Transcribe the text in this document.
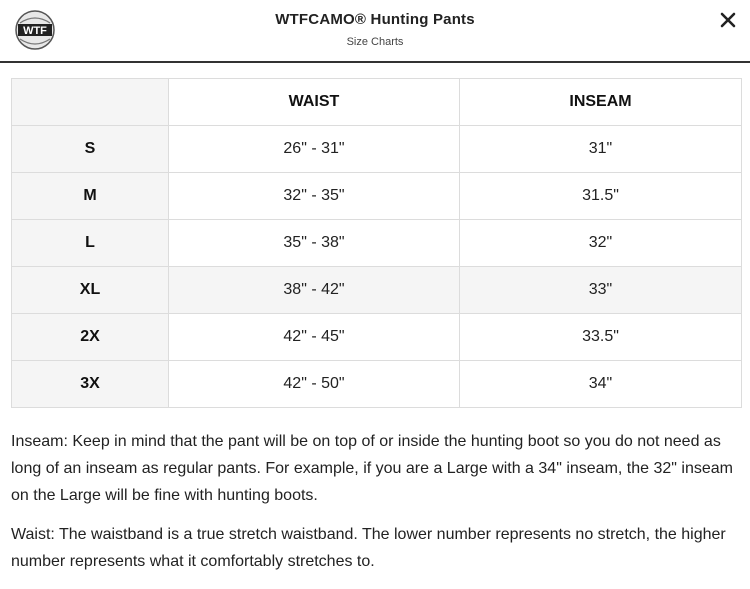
WTF
WTFCAMO® Hunting Pants
Size Charts
	WAIST	INSEAM
S	26" - 31"	31"
M	32" - 35"	31.5"
L	35" - 38"	32"
XL	38" - 42"	33"
2X	42" - 45"	33.5"
3X	42" - 50"	34"

Inseam: Keep in mind that the pant will be on top of or inside the hunting boot so you do not need as long of an inseam as regular pants. For example, if you are a Large with a 34" inseam, the 32" inseam on the Large will be fine with hunting boots.

Waist: The waistband is a true stretch waistband. The lower number represents no stretch, the higher number represents what it comfortably stretches to.
